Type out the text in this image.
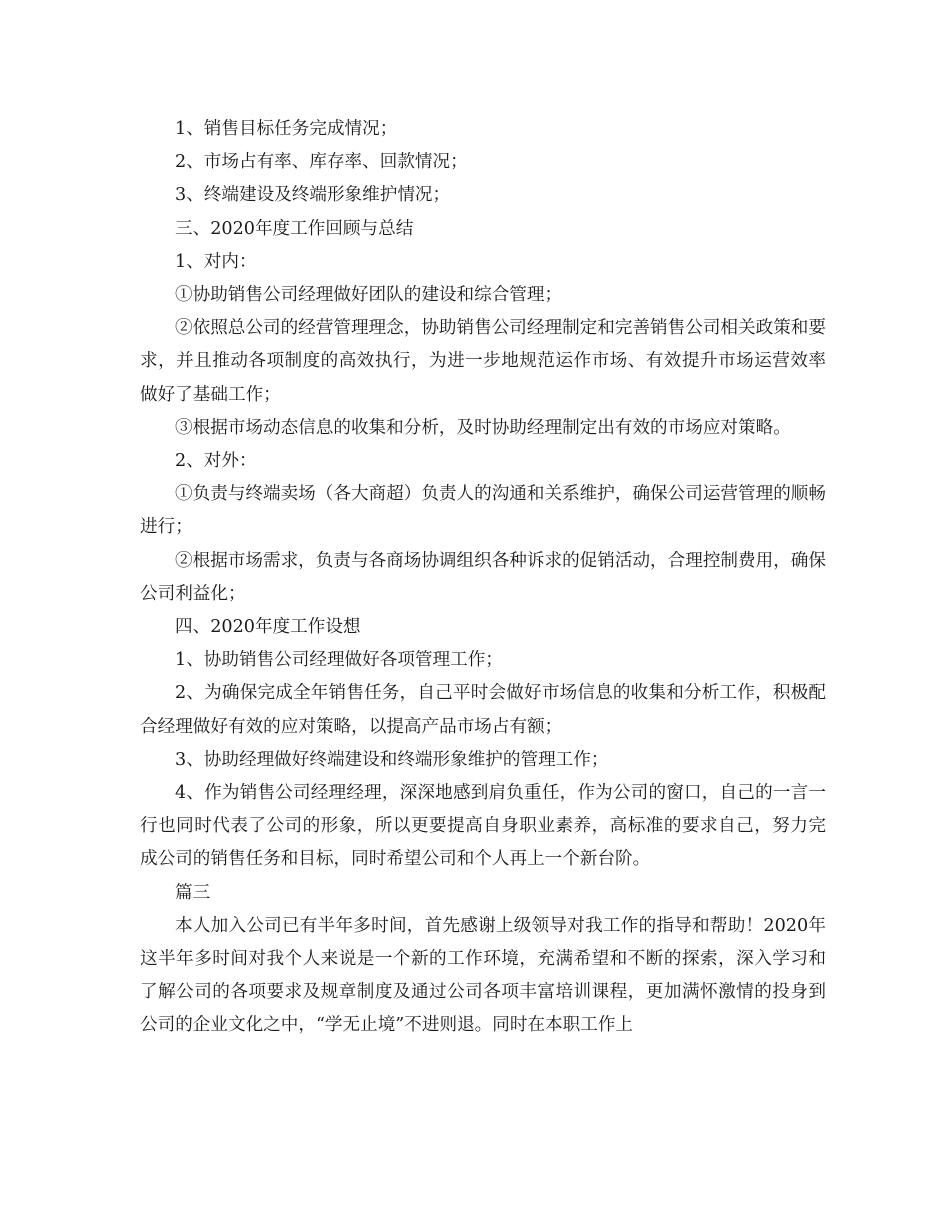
1、销售目标任务完成情况；

2、市场占有率、库存率、回款情况；

3、终端建设及终端形象维护情况；

三、2020年度工作回顾与总结

1、对内：

①协助销售公司经理做好团队的建设和综合管理；

②依照总公司的经营管理理念，协助销售公司经理制定和完善销售公司相关政策和要求，并且推动各项制度的高效执行，为进一步地规范运作市场、有效提升市场运营效率做好了基础工作；

③根据市场动态信息的收集和分析，及时协助经理制定出有效的市场应对策略。

2、对外：

①负责与终端卖场（各大商超）负责人的沟通和关系维护，确保公司运营管理的顺畅进行；

②根据市场需求，负责与各商场协调组织各种诉求的促销活动，合理控制费用，确保公司利益化；

四、2020年度工作设想

1、协助销售公司经理做好各项管理工作；

2、为确保完成全年销售任务，自己平时会做好市场信息的收集和分析工作，积极配合经理做好有效的应对策略，以提高产品市场占有额；

3、协助经理做好终端建设和终端形象维护的管理工作；

4、作为销售公司经理经理，深深地感到肩负重任，作为公司的窗口，自己的一言一行也同时代表了公司的形象，所以更要提高自身职业素养，高标准的要求自己，努力完成公司的销售任务和目标，同时希望公司和个人再上一个新台阶。

篇三

本人加入公司已有半年多时间，首先感谢上级领导对我工作的指导和帮助！2020年这半年多时间对我个人来说是一个新的工作环境，充满希望和不断的探索，深入学习和了解公司的各项要求及规章制度及通过公司各项丰富培训课程，更加满怀激情的投身到公司的企业文化之中，“学无止境”不进则退。同时在本职工作上
